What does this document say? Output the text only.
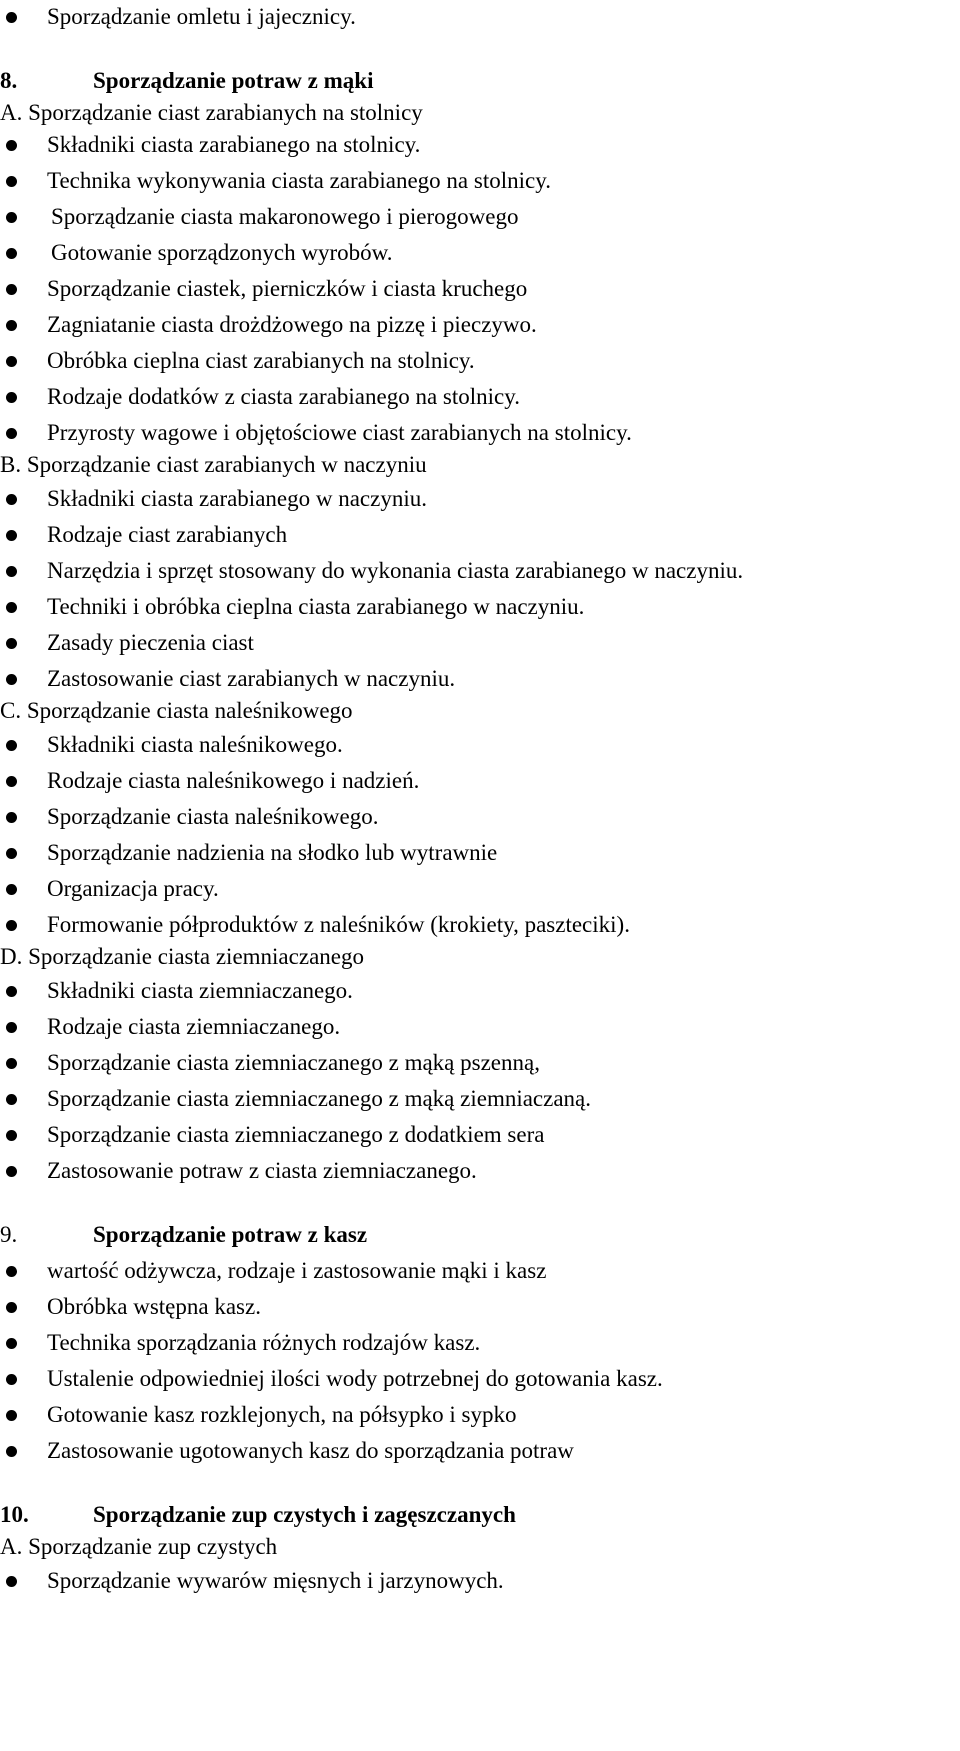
Sporządzanie omletu i jajecznicy.
8.	Sporządzanie potraw z mąki
A. Sporządzanie ciast zarabianych na stolnicy
Składniki ciasta zarabianego na stolnicy.
Technika wykonywania ciasta zarabianego na stolnicy.
Sporządzanie ciasta makaronowego i pierogowego
Gotowanie sporządzonych wyrobów.
Sporządzanie ciastek, pierniczków i ciasta kruchego
Zagniatanie ciasta drożdżowego na pizzę i pieczywo.
Obróbka cieplna ciast zarabianych na stolnicy.
Rodzaje dodatków z ciasta zarabianego na stolnicy.
Przyrosty wagowe i objętościowe ciast zarabianych na stolnicy.
B. Sporządzanie ciast zarabianych w naczyniu
Składniki ciasta zarabianego w naczyniu.
Rodzaje ciast zarabianych
Narzędzia i sprzęt stosowany do wykonania ciasta zarabianego w naczyniu.
Techniki i obróbka cieplna ciasta zarabianego w naczyniu.
Zasady pieczenia ciast
Zastosowanie ciast zarabianych w naczyniu.
C. Sporządzanie ciasta naleśnikowego
Składniki ciasta naleśnikowego.
Rodzaje ciasta naleśnikowego i nadzień.
Sporządzanie ciasta naleśnikowego.
Sporządzanie nadzienia na słodko lub wytrawnie
Organizacja pracy.
Formowanie półproduktów z naleśników (krokiety, paszteciki).
D. Sporządzanie ciasta ziemniaczanego
Składniki ciasta ziemniaczanego.
Rodzaje ciasta ziemniaczanego.
Sporządzanie ciasta ziemniaczanego z mąką pszenną,
Sporządzanie ciasta ziemniaczanego z mąką ziemniaczaną.
Sporządzanie ciasta ziemniaczanego z dodatkiem sera
Zastosowanie potraw z ciasta ziemniaczanego.
9.	Sporządzanie potraw z kasz
wartość odżywcza, rodzaje i zastosowanie mąki i kasz
Obróbka wstępna kasz.
Technika sporządzania różnych rodzajów kasz.
Ustalenie odpowiedniej ilości wody potrzebnej do gotowania kasz.
Gotowanie kasz rozklejonych, na półsypko i sypko
Zastosowanie ugotowanych kasz do sporządzania potraw
10.	Sporządzanie zup czystych i zagęszczanych
A. Sporządzanie zup czystych
Sporządzanie wywarów mięsnych i jarzynowych.
